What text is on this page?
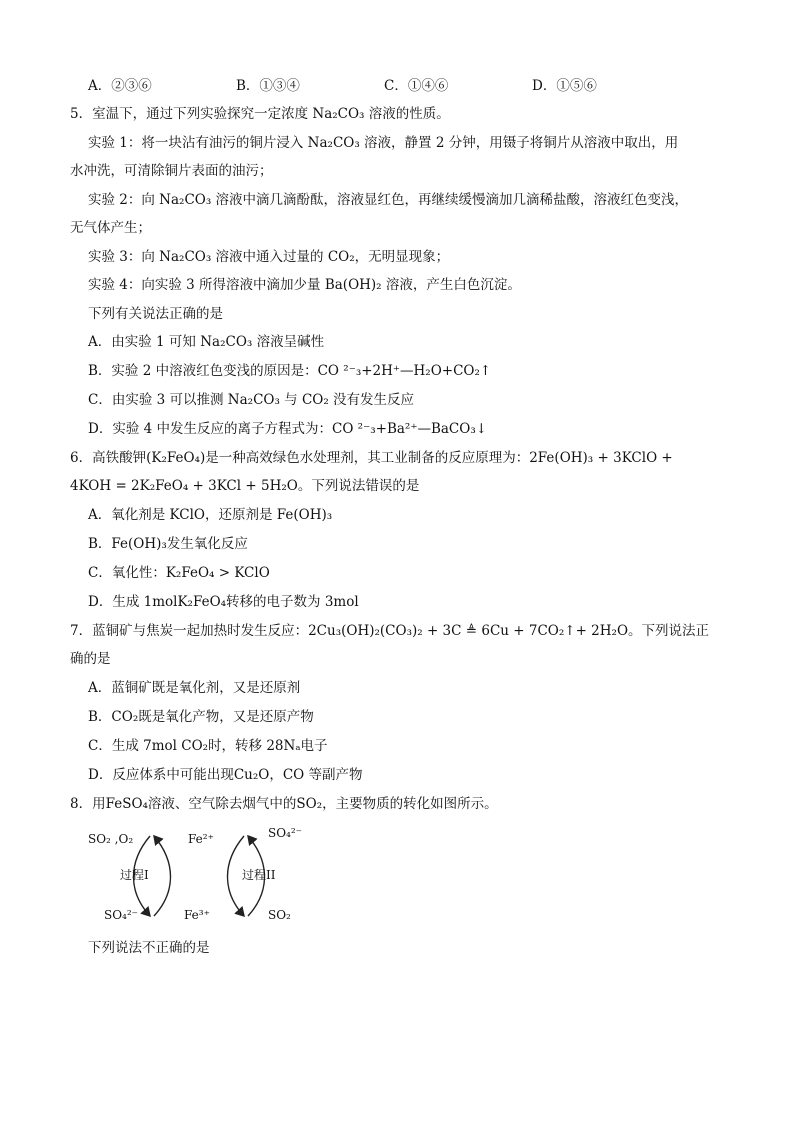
A．②③⑥	B．①③④	C．①④⑥	D．①⑤⑥
5．室温下，通过下列实验探究一定浓度 Na₂CO₃ 溶液的性质。
实验 1：将一块沾有油污的铜片浸入 Na₂CO₃ 溶液，静置 2 分钟，用镊子将铜片从溶液中取出，用
水冲洗，可清除铜片表面的油污；
实验 2：向 Na₂CO₃ 溶液中滴几滴酚酞，溶液显红色，再继续缓慢滴加几滴稀盐酸，溶液红色变浅，
无气体产生；
实验 3：向 Na₂CO₃ 溶液中通入过量的 CO₂，无明显现象；
实验 4：向实验 3 所得溶液中滴加少量 Ba(OH)₂ 溶液，产生白色沉淀。
下列有关说法正确的是
A．由实验 1 可知 Na₂CO₃ 溶液呈碱性
B．实验 2 中溶液红色变浅的原因是：CO ²⁻₃+2H⁺—H₂O+CO₂↑
C．由实验 3 可以推测 Na₂CO₃ 与 CO₂ 没有发生反应
D．实验 4 中发生反应的离子方程式为：CO ²⁻₃+Ba²⁺—BaCO₃↓
6．高铁酸钾(K₂FeO₄)是一种高效绿色水处理剂，其工业制备的反应原理为：2Fe(OH)₃ + 3KClO +
4KOH = 2K₂FeO₄ + 3KCl + 5H₂O。下列说法错误的是
A．氧化剂是 KClO，还原剂是 Fe(OH)₃
B．Fe(OH)₃发生氧化反应
C．氧化性：K₂FeO₄ > KClO
D．生成 1molK₂FeO₄转移的电子数为 3mol
7．蓝铜矿与焦炭一起加热时发生反应：2Cu₃(OH)₂(CO₃)₂ + 3C ≜ 6Cu + 7CO₂↑+ 2H₂O。下列说法正
确的是
A．蓝铜矿既是氧化剂，又是还原剂
B．CO₂既是氧化产物，又是还原产物
C．生成 7mol CO₂时，转移 28Nₐ电子
D．反应体系中可能出现Cu₂O，CO 等副产物
8．用FeSO₄溶液、空气除去烟气中的SO₂，主要物质的转化如图所示。
SO₂ ,O₂	Fe²⁺	SO₄²⁻
过程I	过程II
SO₄²⁻	Fe³⁺	SO₂
下列说法不正确的是
